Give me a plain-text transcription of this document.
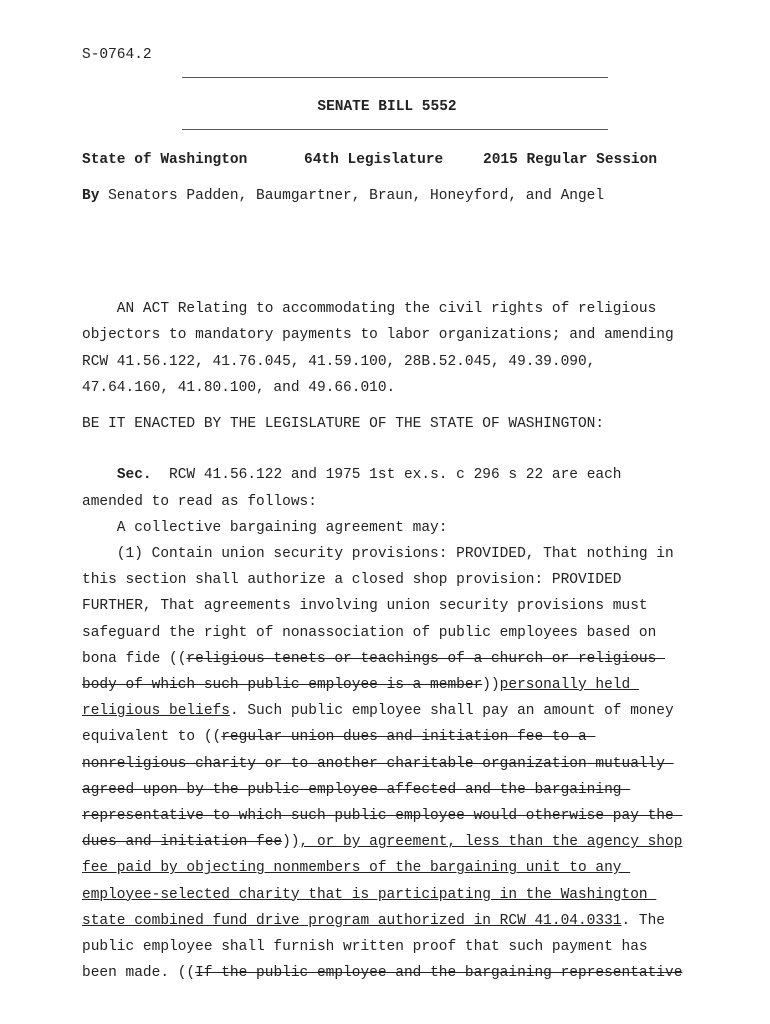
S-0764.2
SENATE BILL 5552
State of Washington	64th Legislature	2015 Regular Session
By Senators Padden, Baumgartner, Braun, Honeyford, and Angel
AN ACT Relating to accommodating the civil rights of religious
objectors to mandatory payments to labor organizations; and amending
RCW 41.56.122, 41.76.045, 41.59.100, 28B.52.045, 49.39.090,
47.64.160, 41.80.100, and 49.66.010.
BE IT ENACTED BY THE LEGISLATURE OF THE STATE OF WASHINGTON:
Sec.  RCW 41.56.122 and 1975 1st ex.s. c 296 s 22 are each
amended to read as follows:
A collective bargaining agreement may:
(1) Contain union security provisions: PROVIDED, That nothing in
this section shall authorize a closed shop provision: PROVIDED
FURTHER, That agreements involving union security provisions must
safeguard the right of nonassociation of public employees based on
bona fide ((religious tenets or teachings of a church or religious
body of which such public employee is a member))personally held
religious beliefs. Such public employee shall pay an amount of money
equivalent to ((regular union dues and initiation fee to a
nonreligious charity or to another charitable organization mutually
agreed upon by the public employee affected and the bargaining
representative to which such public employee would otherwise pay the
dues and initiation fee)), or by agreement, less than the agency shop
fee paid by objecting nonmembers of the bargaining unit to any
employee-selected charity that is participating in the Washington
state combined fund drive program authorized in RCW 41.04.0331. The
public employee shall furnish written proof that such payment has
been made. ((If the public employee and the bargaining representative
